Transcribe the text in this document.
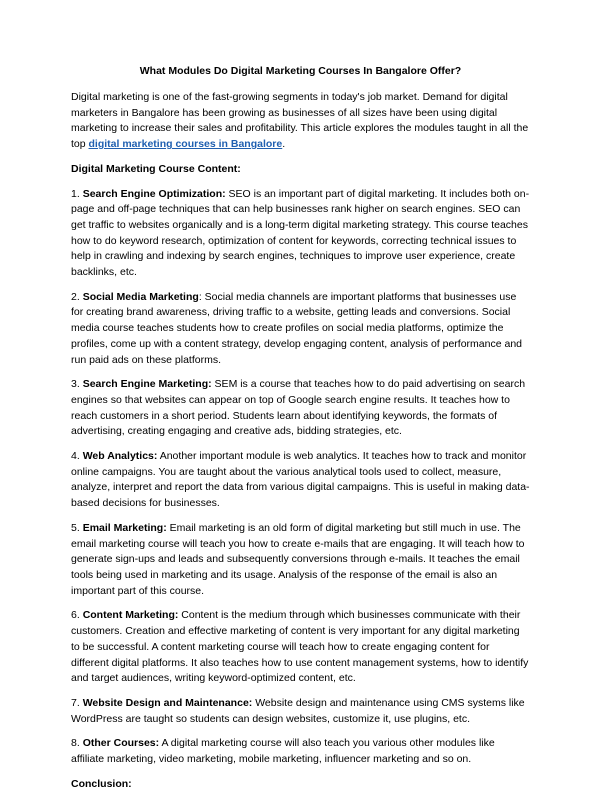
What Modules Do Digital Marketing Courses In Bangalore Offer?

Digital marketing is one of the fast-growing segments in today's job market. Demand for digital marketers in Bangalore has been growing as businesses of all sizes have been using digital marketing to increase their sales and profitability. This article explores the modules taught in all the top digital marketing courses in Bangalore.

Digital Marketing Course Content:

1. Search Engine Optimization: SEO is an important part of digital marketing. It includes both on-page and off-page techniques that can help businesses rank higher on search engines. SEO can get traffic to websites organically and is a long-term digital marketing strategy. This course teaches how to do keyword research, optimization of content for keywords, correcting technical issues to help in crawling and indexing by search engines, techniques to improve user experience, create backlinks, etc.

2. Social Media Marketing: Social media channels are important platforms that businesses use for creating brand awareness, driving traffic to a website, getting leads and conversions. Social media course teaches students how to create profiles on social media platforms, optimize the profiles, come up with a content strategy, develop engaging content, analysis of performance and run paid ads on these platforms.

3. Search Engine Marketing: SEM is a course that teaches how to do paid advertising on search engines so that websites can appear on top of Google search engine results. It teaches how to reach customers in a short period. Students learn about identifying keywords, the formats of advertising, creating engaging and creative ads, bidding strategies, etc.

4. Web Analytics: Another important module is web analytics. It teaches how to track and monitor online campaigns. You are taught about the various analytical tools used to collect, measure, analyze, interpret and report the data from various digital campaigns. This is useful in making data-based decisions for businesses.

5. Email Marketing: Email marketing is an old form of digital marketing but still much in use. The email marketing course will teach you how to create e-mails that are engaging. It will teach how to generate sign-ups and leads and subsequently conversions through e-mails. It teaches the email tools being used in marketing and its usage. Analysis of the response of the email is also an important part of this course.

6. Content Marketing: Content is the medium through which businesses communicate with their customers. Creation and effective marketing of content is very important for any digital marketing to be successful. A content marketing course will teach how to create engaging content for different digital platforms. It also teaches how to use content management systems, how to identify and target audiences, writing keyword-optimized content, etc.

7. Website Design and Maintenance: Website design and maintenance using CMS systems like WordPress are taught so students can design websites, customize it, use plugins, etc.

8. Other Courses: A digital marketing course will also teach you various other modules like affiliate marketing, video marketing, mobile marketing, influencer marketing and so on.

Conclusion:
